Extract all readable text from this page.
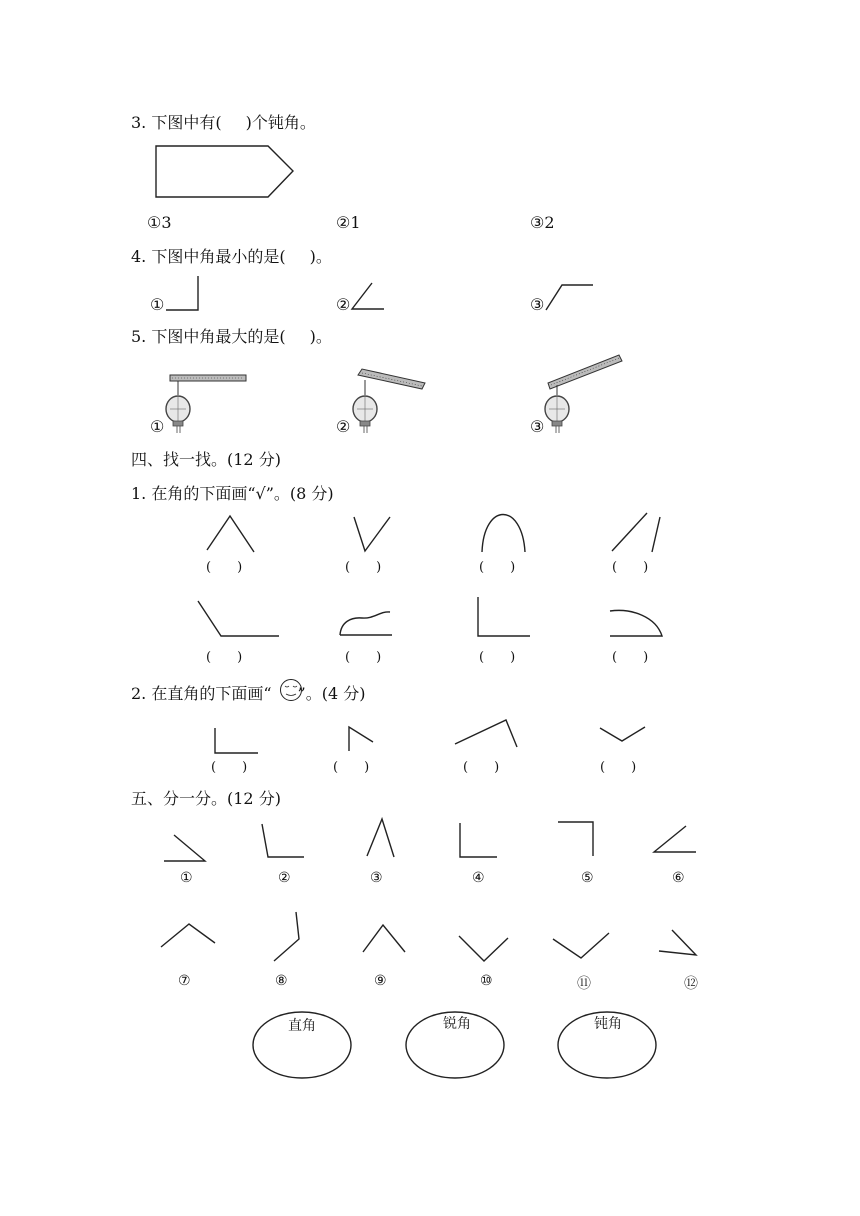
3. 下图中有( )个钝角。
①3	②1	③2
4. 下图中角最小的是( )。
①	②	③
5. 下图中角最大的是( )。
①	②	③
四、找一找。(12 分)
1. 在角的下面画“√”。(8 分)
(　　)	(　　)	(　　)	(　　)
(　　)	(　　)	(　　)	(　　)
2. 在直角的下面画“ ”。(4 分)
(　　)	(　　)	(　　)	(　　)
五、分一分。(12 分)
①	②	③	④	⑤	⑥
⑦	⑧	⑨	⑩	⑪	⑫
直角	锐角	钝角
